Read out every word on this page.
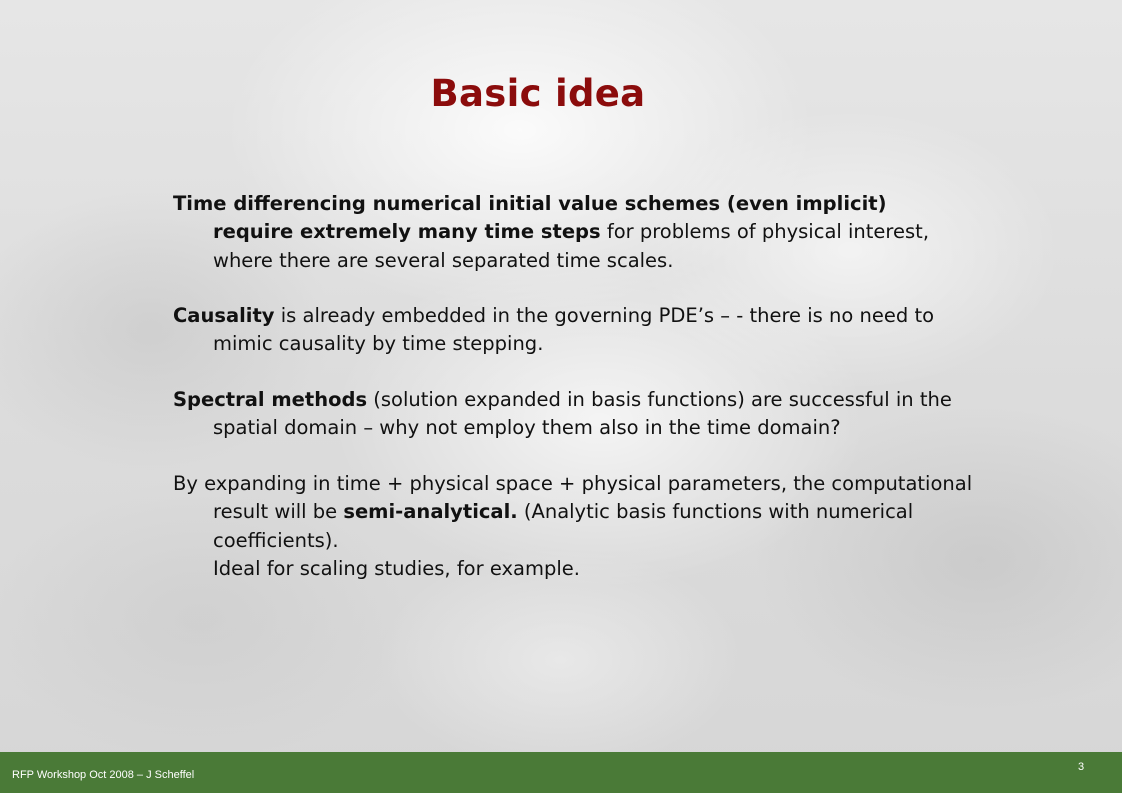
Basic idea

Time differencing numerical initial value schemes (even implicit) require extremely many time steps for problems of physical interest, where there are several separated time scales.

Causality is already embedded in the governing PDE’s – - there is no need to mimic causality by time stepping.

Spectral methods (solution expanded in basis functions) are successful in the spatial domain – why not employ them also in the time domain?

By expanding in time + physical space + physical parameters, the computational result will be semi-analytical. (Analytic basis functions with numerical coefficients).
Ideal for scaling studies, for example.

RFP Workshop Oct 2008 – J Scheffel
3
